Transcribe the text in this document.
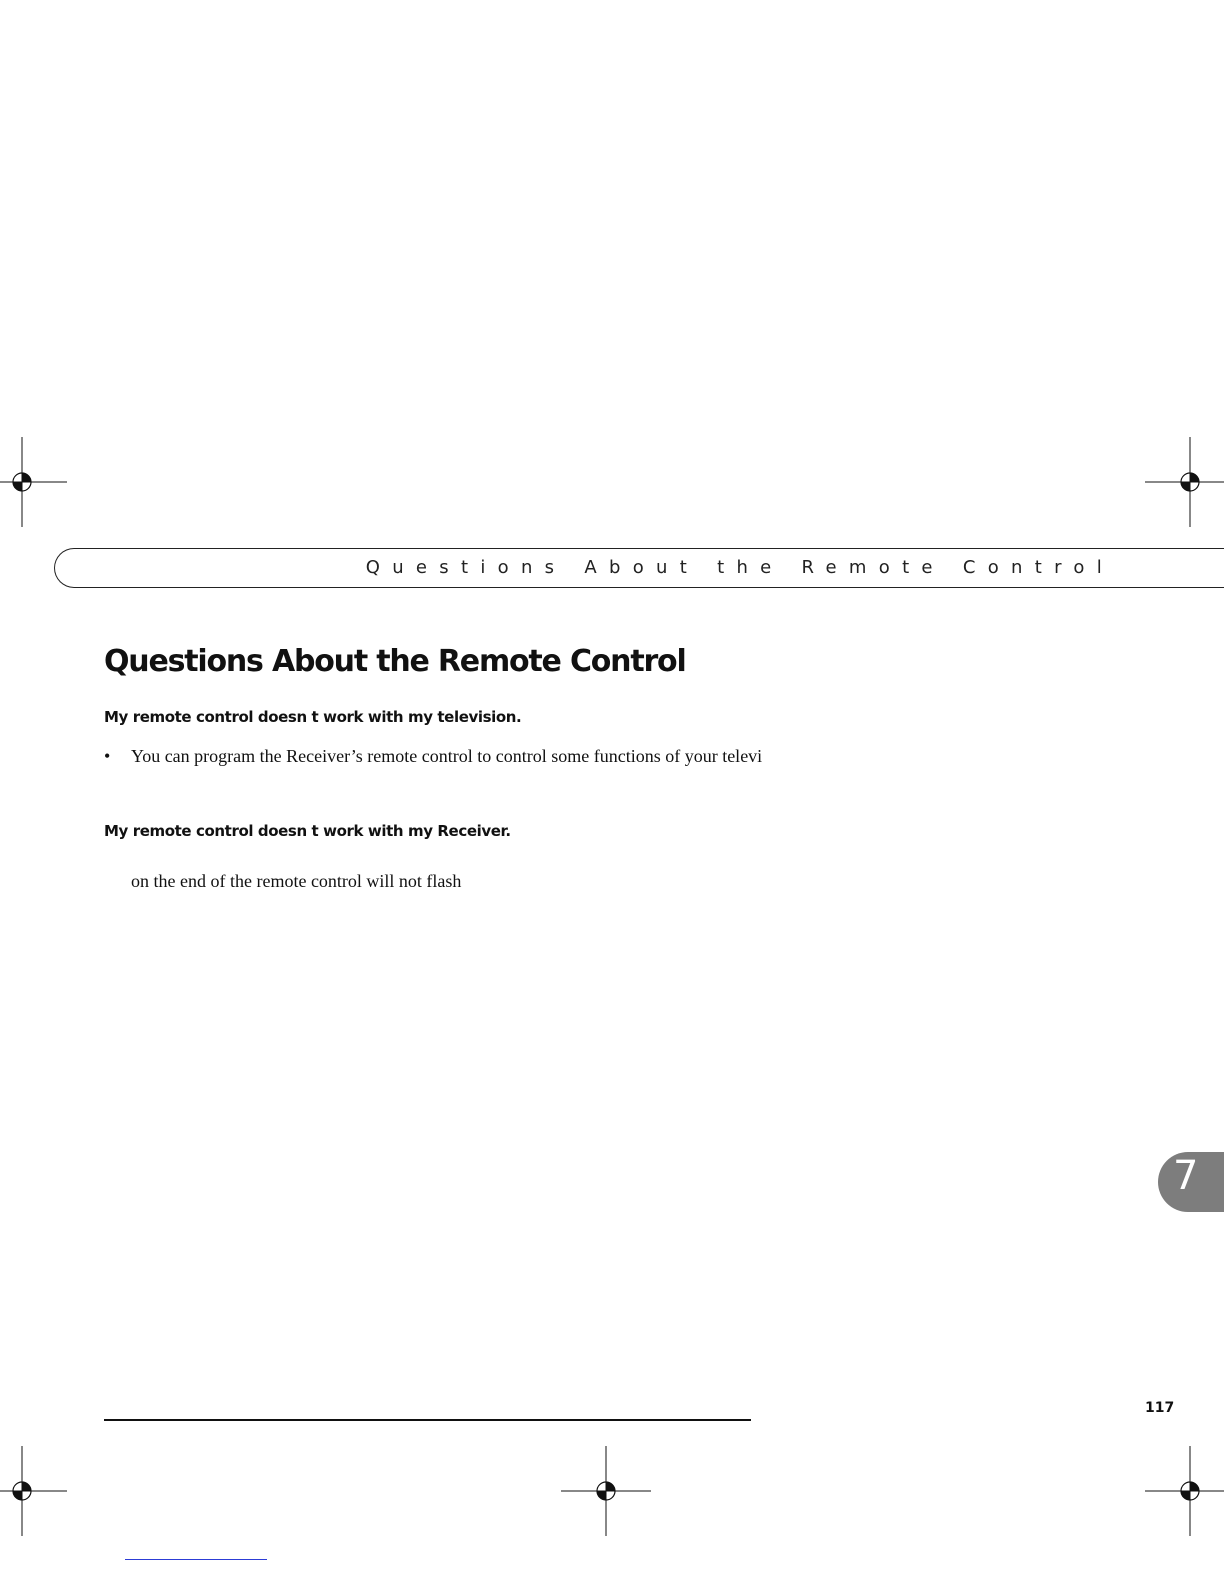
Questions About the Remote Control
Questions About the Remote Control

My remote control doesn t work with my television.

• You can program the Receiver’s remote control to control some functions of your televi

My remote control doesn t work with my Receiver.

on the end of the remote control will not flash
7
117
